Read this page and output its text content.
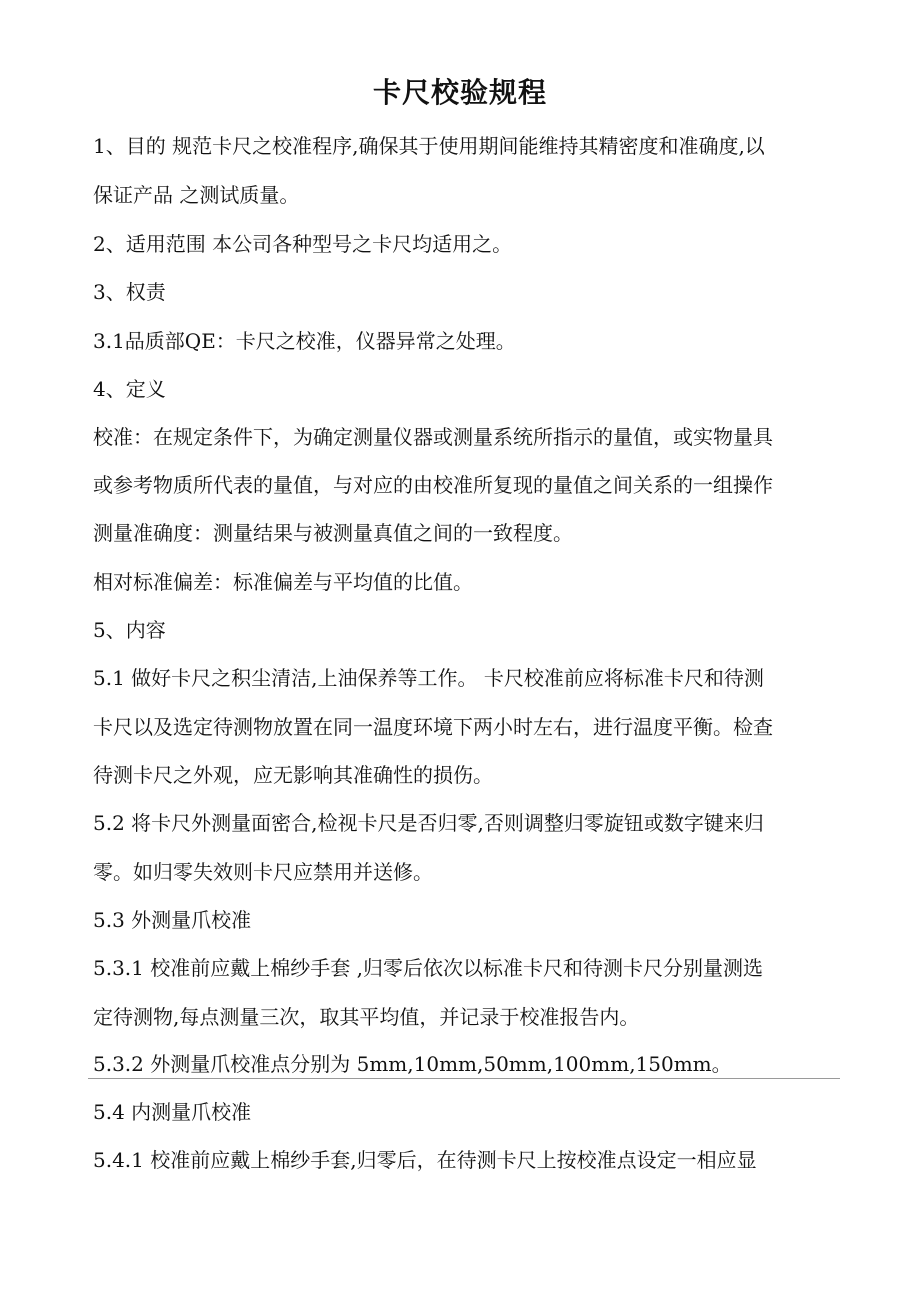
卡尺校验规程

1、目的 规范卡尺之校准程序,确保其于使用期间能维持其精密度和准确度,以

保证产品 之测试质量。

2、适用范围 本公司各种型号之卡尺均适用之。

3、权责

3.1品质部QE：卡尺之校准，仪器异常之处理。

4、定义

校准：在规定条件下，为确定测量仪器或测量系统所指示的量值，或实物量具

或参考物质所代表的量值，与对应的由校准所复现的量值之间关系的一组操作

测量准确度：测量结果与被测量真值之间的一致程度。

相对标准偏差：标准偏差与平均值的比值。

5、内容

5.1 做好卡尺之积尘清洁,上油保养等工作。 卡尺校准前应将标准卡尺和待测

卡尺以及选定待测物放置在同一温度环境下两小时左右，进行温度平衡。检查

待测卡尺之外观，应无影响其准确性的损伤。

5.2 将卡尺外测量面密合,检视卡尺是否归零,否则调整归零旋钮或数字键来归

零。如归零失效则卡尺应禁用并送修。

5.3 外测量爪校准

5.3.1 校准前应戴上棉纱手套 ,归零后依次以标准卡尺和待测卡尺分别量测选

定待测物,每点测量三次，取其平均值，并记录于校准报告内。

5.3.2 外测量爪校准点分别为 5mm,10mm,50mm,100mm,150mm。

5.4 内测量爪校准

5.4.1 校准前应戴上棉纱手套,归零后，在待测卡尺上按校准点设定一相应显
